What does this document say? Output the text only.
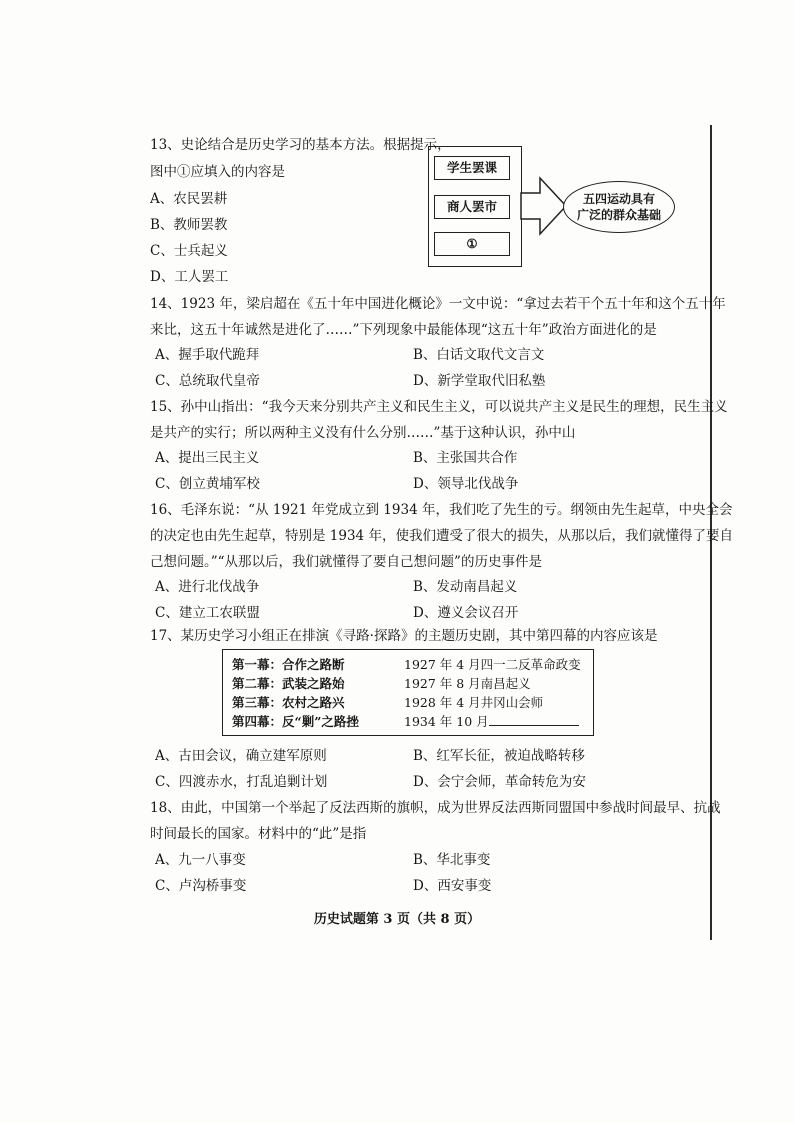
13、史论结合是历史学习的基本方法。根据提示，
图中①应填入的内容是
A、农民罢耕
B、教师罢教
C、士兵起义
D、工人罢工
学生罢课
商人罢市
①
五四运动具有
广泛的群众基础
14、1923 年，梁启超在《五十年中国进化概论》一文中说：“拿过去若干个五十年和这个五十年
来比，这五十年诚然是进化了……”下列现象中最能体现“这五十年”政治方面进化的是
A、握手取代跪拜	B、白话文取代文言文
C、总统取代皇帝	D、新学堂取代旧私塾
15、孙中山指出：“我今天来分别共产主义和民生主义，可以说共产主义是民生的理想，民生主义
是共产的实行；所以两种主义没有什么分别……”基于这种认识，孙中山
A、提出三民主义	B、主张国共合作
C、创立黄埔军校	D、领导北伐战争
16、毛泽东说：“从 1921 年党成立到 1934 年，我们吃了先生的亏。纲领由先生起草，中央全会
的决定也由先生起草，特别是 1934 年，使我们遭受了很大的损失，从那以后，我们就懂得了要自
己想问题。”“从那以后，我们就懂得了要自己想问题”的历史事件是
A、进行北伐战争	B、发动南昌起义
C、建立工农联盟	D、遵义会议召开
17、某历史学习小组正在排演《寻路·探路》的主题历史剧，其中第四幕的内容应该是
第一幕：合作之路断	1927 年 4 月四一二反革命政变
第二幕：武装之路始	1927 年 8 月南昌起义
第三幕：农村之路兴	1928 年 4 月井冈山会师
第四幕：反“剿”之路挫	1934 年 10 月
A、古田会议，确立建军原则	B、红军长征，被迫战略转移
C、四渡赤水，打乱追剿计划	D、会宁会师，革命转危为安
18、由此，中国第一个举起了反法西斯的旗帜，成为世界反法西斯同盟国中参战时间最早、抗战
时间最长的国家。材料中的“此”是指
A、九一八事变	B、华北事变
C、卢沟桥事变	D、西安事变
历史试题第 3 页（共 8 页）
